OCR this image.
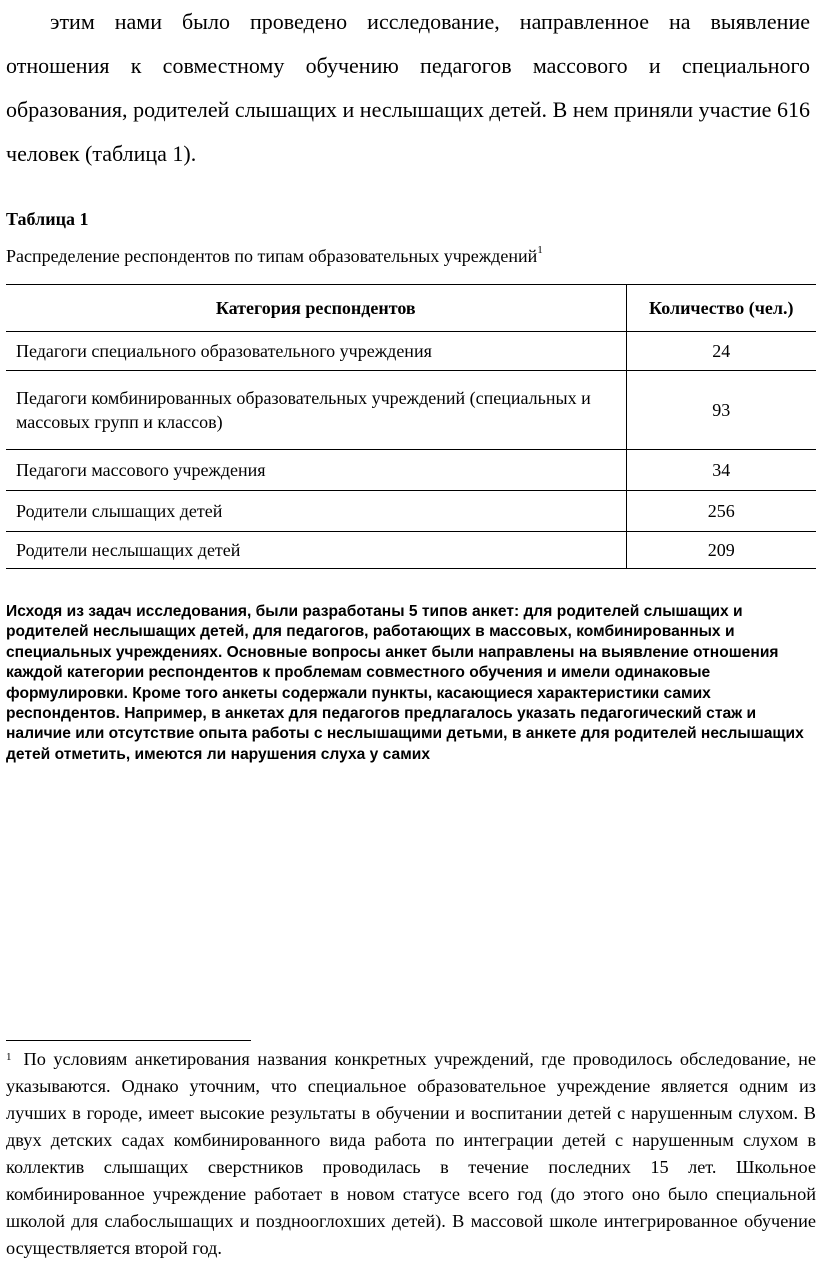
этим нами было проведено исследование, направленное на выявление отношения к совместному обучению педагогов массового и специального образования, родителей слышащих и неслышащих детей. В нем приняли участие 616 человек (таблица 1).

Таблица 1

Распределение респондентов по типам образовательных учреждений$^1$

Категория респондентов	Количество (чел.)
Педагоги специального образовательного учреждения	24
Педагоги комбинированных образовательных учреждений (специальных и массовых групп и классов)	93
Педагоги массового учреждения	34
Родители слышащих детей	256
Родители неслышащих детей	209

Исходя из задач исследования, были разработаны 5 типов анкет: для родителей слышащих и родителей неслышащих детей, для педагогов, работающих в массовых, комбинированных и специальных учреждениях. Основные вопросы анкет были направлены на выявление отношения каждой категории респондентов к проблемам совместного обучения и имели одинаковые формулировки. Кроме того анкеты содержали пункты, касающиеся характеристики самих респондентов. Например, в анкетах для педагогов предлагалось указать педагогический стаж и наличие или отсутствие опыта работы с неслышащими детьми, в анкете для родителей неслышащих детей отметить, имеются ли нарушения слуха у самих

$^1$ По условиям анкетирования названия конкретных учреждений, где проводилось обследование, не указываются. Однако уточним, что специальное образовательное учреждение является одним из лучших в городе, имеет высокие результаты в обучении и воспитании детей с нарушенным слухом. В двух детских садах комбинированного вида работа по интеграции детей с нарушенным слухом в коллектив слышащих сверстников проводилась в течение последних 15 лет. Школьное комбинированное учреждение работает в новом статусе всего год (до этого оно было специальной школой для слабослышащих и позднооглохших детей). В массовой школе интегрированное обучение осуществляется второй год.
